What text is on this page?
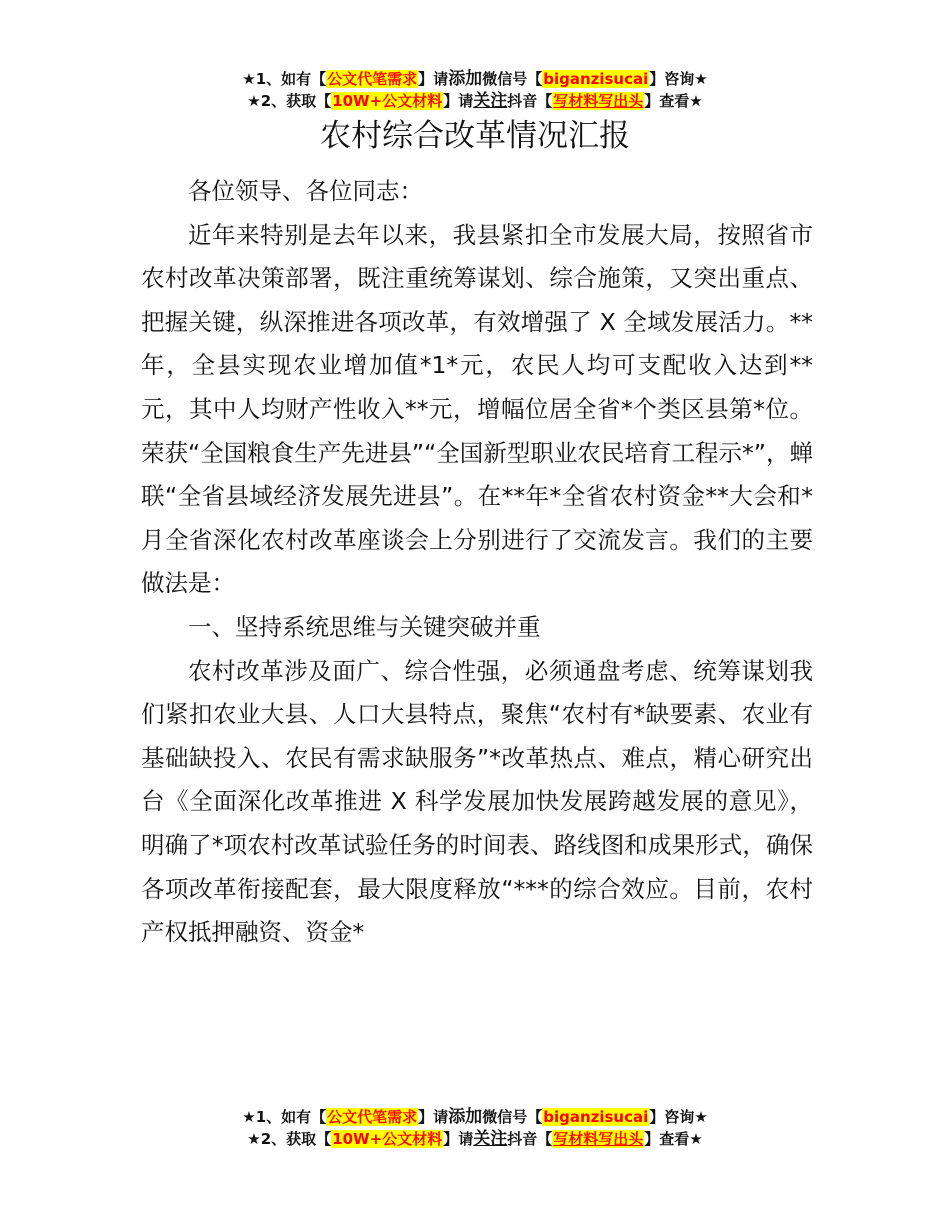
★1、如有【公文代笔需求】请添加微信号【biganzisucai】咨询★
★2、获取【10W+公文材料】请关注抖音【写材料写出头】查看★
农村综合改革情况汇报

各位领导、各位同志：

近年来特别是去年以来，我县紧扣全市发展大局，按照省市农村改革决策部署，既注重统筹谋划、综合施策，又突出重点、把握关键，纵深推进各项改革，有效增强了 X 全域发展活力。**年，全县实现农业增加值*1*元，农民人均可支配收入达到**元，其中人均财产性收入**元，增幅位居全省*个类区县第*位。荣获“全国粮食生产先进县”“全国新型职业农民培育工程示*”，蝉联“全省县域经济发展先进县”。在**年*全省农村资金**大会和*月全省深化农村改革座谈会上分别进行了交流发言。我们的主要做法是：

一、坚持系统思维与关键突破并重

农村改革涉及面广、综合性强，必须通盘考虑、统筹谋划我们紧扣农业大县、人口大县特点，聚焦“农村有*缺要素、农业有基础缺投入、农民有需求缺服务”*改革热点、难点，精心研究出台《全面深化改革推进 X 科学发展加快发展跨越发展的意见》，明确了*项农村改革试验任务的时间表、路线图和成果形式，确保各项改革衔接配套，最大限度释放“***的综合效应。目前，农村产权抵押融资、资金*

★1、如有【公文代笔需求】请添加微信号【biganzisucai】咨询★
★2、获取【10W+公文材料】请关注抖音【写材料写出头】查看★
